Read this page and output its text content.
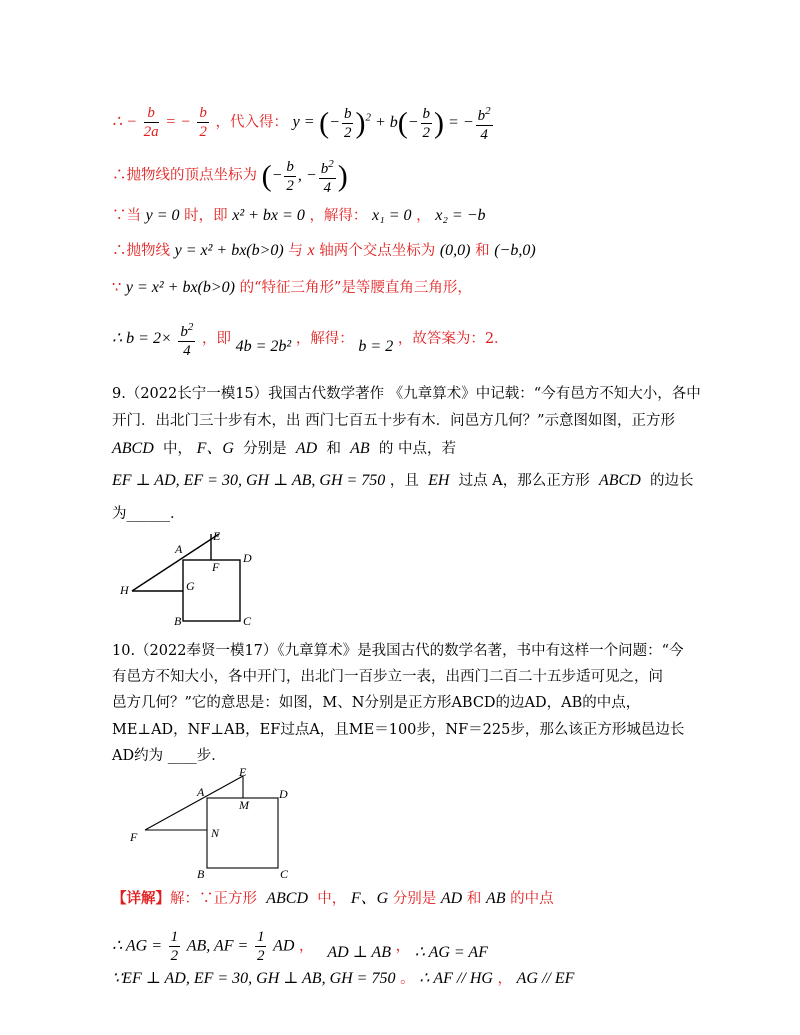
∴ − $\frac{b}{2a}$ = − $\frac{b}{2}$ ，代入得： y = (− $\frac{b}{2} )^2 + b(- \frac{b}{2}$ ) = − $\frac{b^2}{4}$
∴抛物线的顶点坐标为 (− $\frac{b}{2}$ , − $\frac{b^2}{4}$ )
∵当 y = 0 时，即 x² + bx = 0 ，解得： x₁ = 0 ， x₂ = −b
∴抛物线 y = x² + bx(b>0) 与 x 轴两个交点坐标为 (0,0) 和 (−b,0)
∵ y = x² + bx(b>0) 的“特征三角形”是等腰直角三角形，
∴ $b = 2\times \frac{b^2}{4}$ ，即 4b = 2b² ，解得： b = 2 ，故答案为：2．
9.（2022长宁一模15）我国古代数学著作 《九章算术》中记载：“今有邑方不知大小，各中
开门．出北门三十步有木，出 西门七百五十步有木．问邑方几何？”示意图如图，正方形
ABCD 中， F、G 分别是 AD 和 AB 的 中点，若
EF ⊥ AD, EF = 30, GH ⊥ AB, GH = 750 ，且 EH 过点 A，那么正方形 ABCD 的边长
为______．
A
E
D
F
G
H
B	C
10.（2022奉贤一模17）《九章算术》是我国古代的数学名著，书中有这样一个问题：“今
有邑方不知大小，各中开门，出北门一百步立一表，出西门二百二十五步适可见之，问
邑方几何？”它的意思是：如图，M、N分别是正方形ABCD的边AD，AB的中点，
ME⊥AD，NF⊥AB，EF过点A，且ME＝100步，NF＝225步，那么该正方形城邑边长
AD约为 ____步．
E
A
M
D
F	N
B	C
【详解】解：∵正方形 ABCD 中， F、G 分别是 AD 和 AB 的中点
∴ AG = $\frac{1}{2}$ AB, AF = $\frac{1}{2}$ AD ， AD ⊥ AB ， ∴ AG = AF
∵EF ⊥ AD, EF = 30, GH ⊥ AB, GH = 750 。 ∴ AF // HG ， AG // EF
